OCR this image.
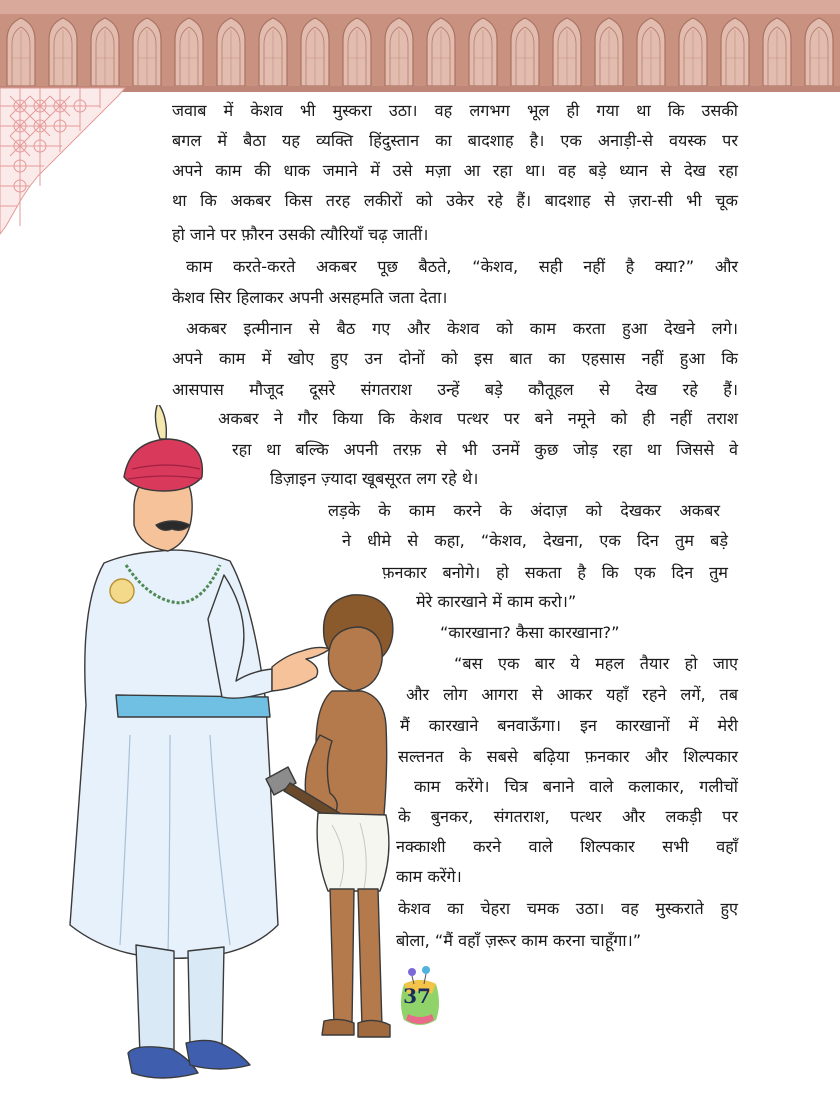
जवाब में केशव भी मुस्करा उठा। वह लगभग भूल ही गया था कि उसकी

बगल में बैठा यह व्यक्ति हिंदुस्तान का बादशाह है। एक अनाड़ी-से वयस्क पर

अपने काम की धाक जमाने में उसे मज़ा आ रहा था। वह बड़े ध्यान से देख रहा

था कि अकबर किस तरह लकीरों को उकेर रहे हैं। बादशाह से ज़रा-सी भी चूक

हो जाने पर फ़ौरन उसकी त्यौरियाँ चढ़ जातीं।

काम करते-करते अकबर पूछ बैठते, “केशव, सही नहीं है क्या?” और

केशव सिर हिलाकर अपनी असहमति जता देता।

अकबर इत्मीनान से बैठ गए और केशव को काम करता हुआ देखने लगे।

अपने काम में खोए हुए उन दोनों को इस बात का एहसास नहीं हुआ कि

आसपास मौजूद दूसरे संगतराश उन्हें बड़े कौतूहल से देख रहे हैं।

अकबर ने गौर किया कि केशव पत्थर पर बने नमूने को ही नहीं तराश

रहा था बल्कि अपनी तरफ़ से भी उनमें कुछ जोड़ रहा था जिससे वे

डिज़ाइन ज़्यादा खूबसूरत लग रहे थे।

लड़के के काम करने के अंदाज़ को देखकर अकबर

ने धीमे से कहा, “केशव, देखना, एक दिन तुम बड़े

फ़नकार बनोगे। हो सकता है कि एक दिन तुम

मेरे कारखाने में काम करो।”

“कारखाना? कैसा कारखाना?”

“बस एक बार ये महल तैयार हो जाए

और लोग आगरा से आकर यहाँ रहने लगें, तब

मैं कारखाने बनवाऊँगा। इन कारखानों में मेरी

सल्तनत के सबसे बढ़िया फ़नकार और शिल्पकार

काम करेंगे। चित्र बनाने वाले कलाकार, गलीचों

के बुनकर, संगतराश, पत्थर और लकड़ी पर

नक्काशी करने वाले शिल्पकार सभी वहाँ

काम करेंगे।

केशव का चेहरा चमक उठा। वह मुस्कराते हुए

बोला, “मैं वहाँ ज़रूर काम करना चाहूँगा।”

37
